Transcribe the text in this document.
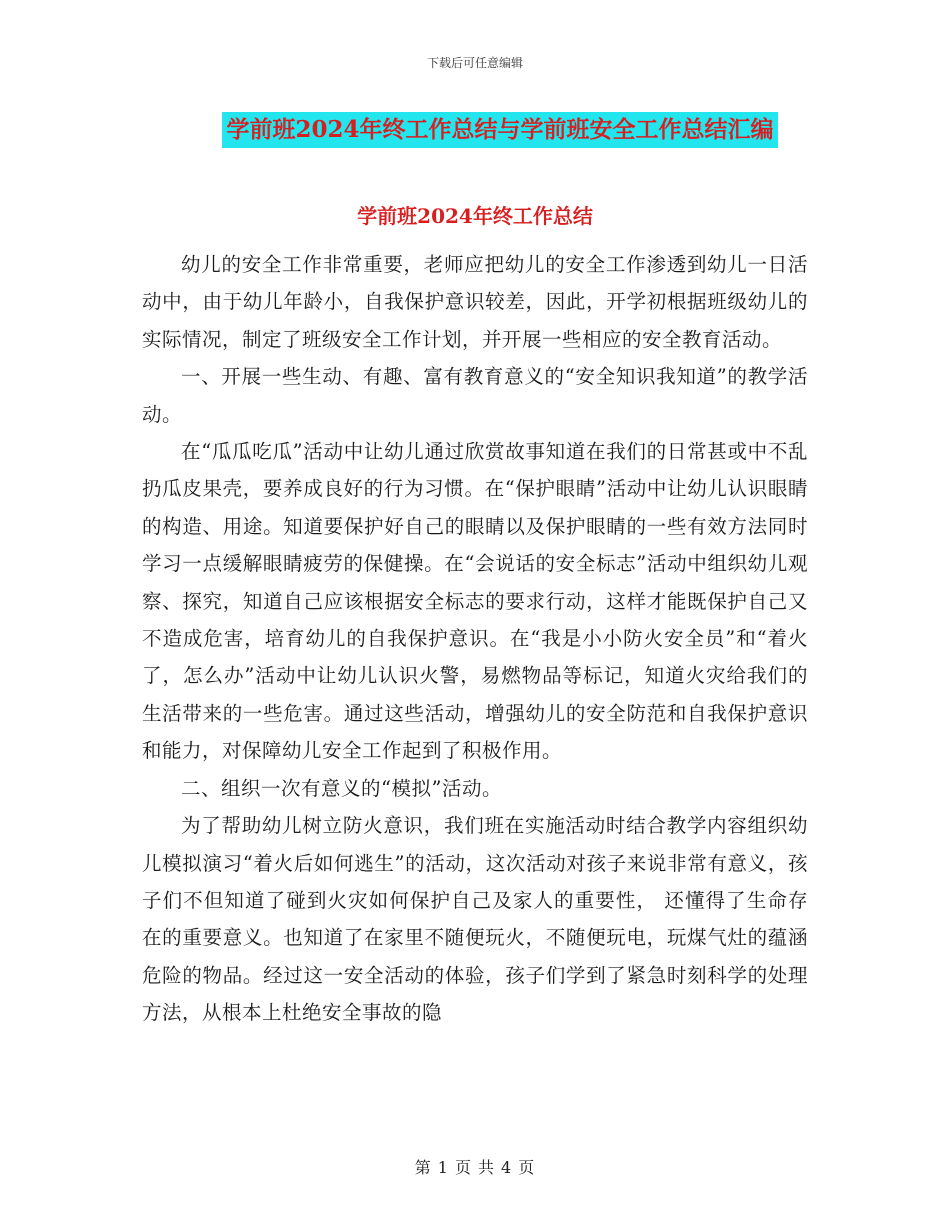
下载后可任意编辑
学前班2024年终工作总结与学前班安全工作总结汇编
学前班2024年终工作总结

幼儿的安全工作非常重要，老师应把幼儿的安全工作渗透到幼儿一日活动中，由于幼儿年龄小，自我保护意识较差，因此，开学初根据班级幼儿的实际情况，制定了班级安全工作计划，并开展一些相应的安全教育活动。

一、开展一些生动、有趣、富有教育意义的“安全知识我知道”的教学活动。

在“瓜瓜吃瓜”活动中让幼儿通过欣赏故事知道在我们的日常甚或中不乱扔瓜皮果壳，要养成良好的行为习惯。在“保护眼睛”活动中让幼儿认识眼睛的构造、用途。知道要保护好自己的眼睛以及保护眼睛的一些有效方法同时学习一点缓解眼睛疲劳的保健操。在“会说话的安全标志”活动中组织幼儿观察、探究，知道自己应该根据安全标志的要求行动，这样才能既保护自己又不造成危害，培育幼儿的自我保护意识。在“我是小小防火安全员”和“着火了，怎么办”活动中让幼儿认识火警，易燃物品等标记，知道火灾给我们的生活带来的一些危害。通过这些活动，增强幼儿的安全防范和自我保护意识和能力，对保障幼儿安全工作起到了积极作用。

二、组织一次有意义的“模拟”活动。

为了帮助幼儿树立防火意识，我们班在实施活动时结合教学内容组织幼儿模拟演习“着火后如何逃生”的活动，这次活动对孩子来说非常有意义，孩子们不但知道了碰到火灾如何保护自己及家人的重要性， 还懂得了生命存在的重要意义。也知道了在家里不随便玩火，不随便玩电，玩煤气灶的蕴涵危险的物品。经过这一安全活动的体验，孩子们学到了紧急时刻科学的处理方法，从根本上杜绝安全事故的隐

第 1 页 共 4 页
